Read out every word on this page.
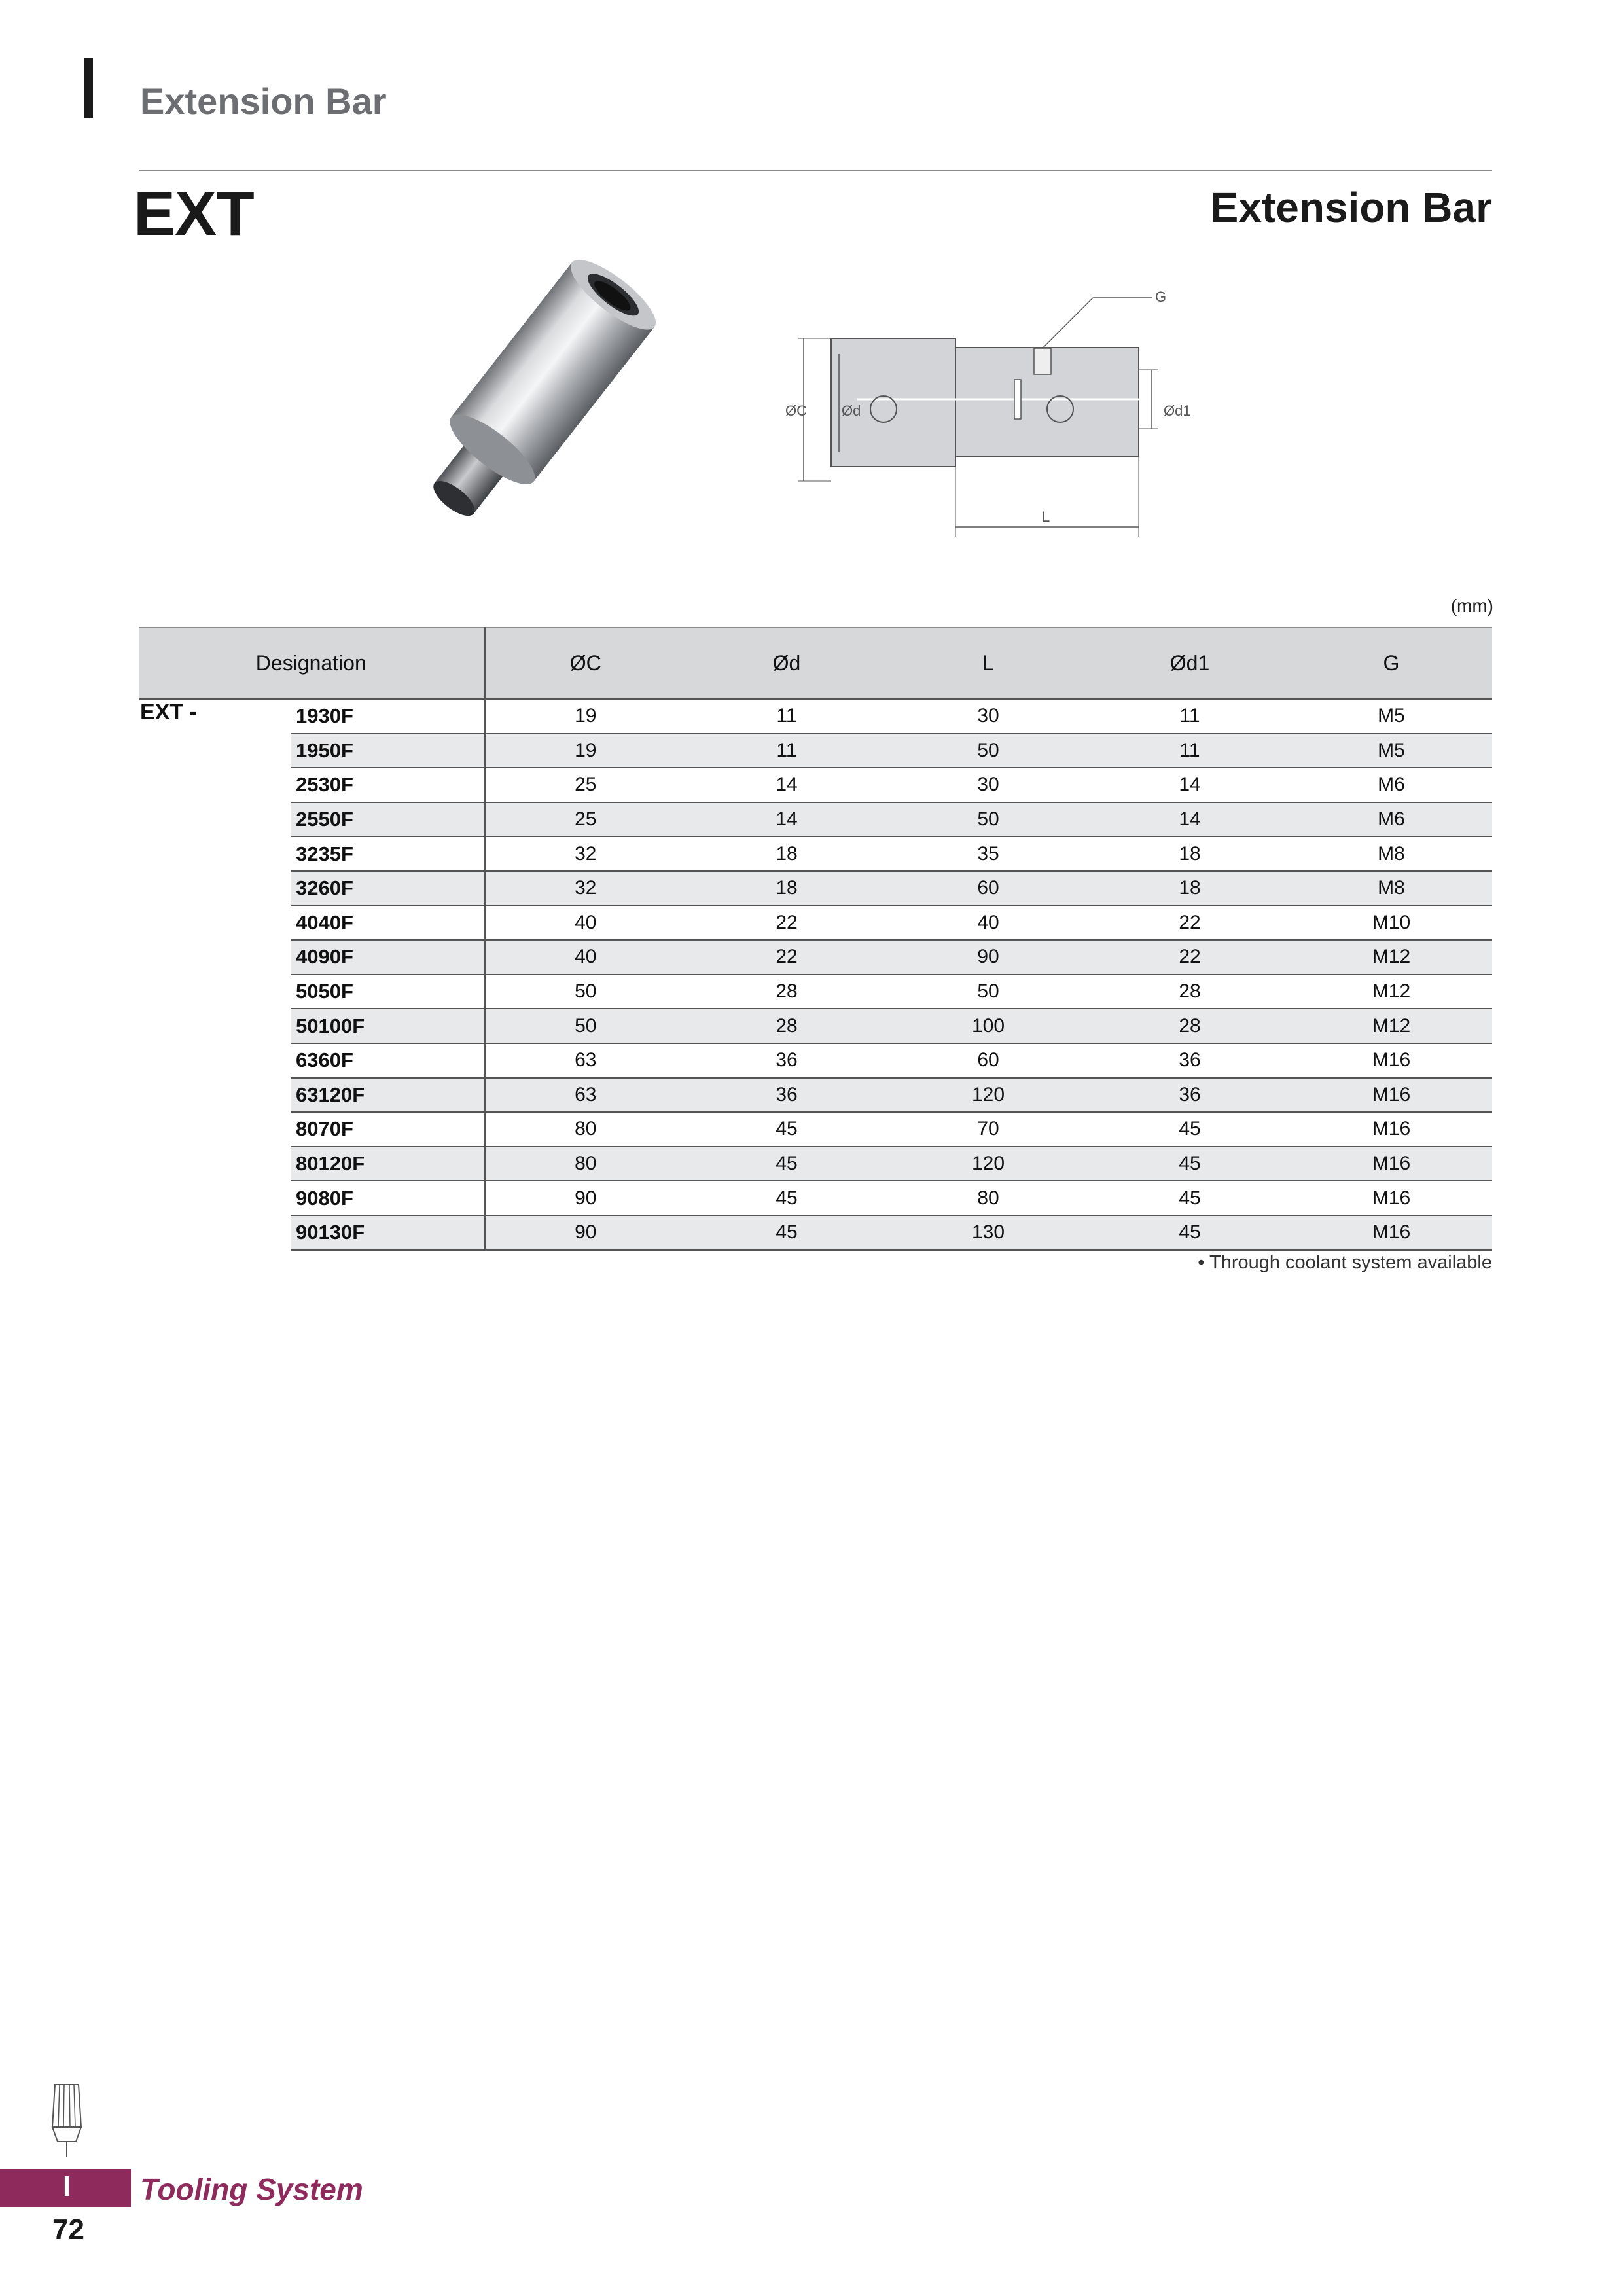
Extension Bar
EXT	Extension Bar
ØC Ød	Ød1
G
L
(mm)
Designation		ØC	Ød	L	Ød1	G
EXT -	1930F	19	11	30	11	M5
	1950F	19	11	50	11	M5
	2530F	25	14	30	14	M6
	2550F	25	14	50	14	M6
	3235F	32	18	35	18	M8
	3260F	32	18	60	18	M8
	4040F	40	22	40	22	M10
	4090F	40	22	90	22	M12
	5050F	50	28	50	28	M12
	50100F	50	28	100	28	M12
	6360F	63	36	60	36	M16
	63120F	63	36	120	36	M16
	8070F	80	45	70	45	M16
	80120F	80	45	120	45	M16
	9080F	90	45	80	45	M16
	90130F	90	45	130	45	M16
• Through coolant system available
I Tooling System
72
